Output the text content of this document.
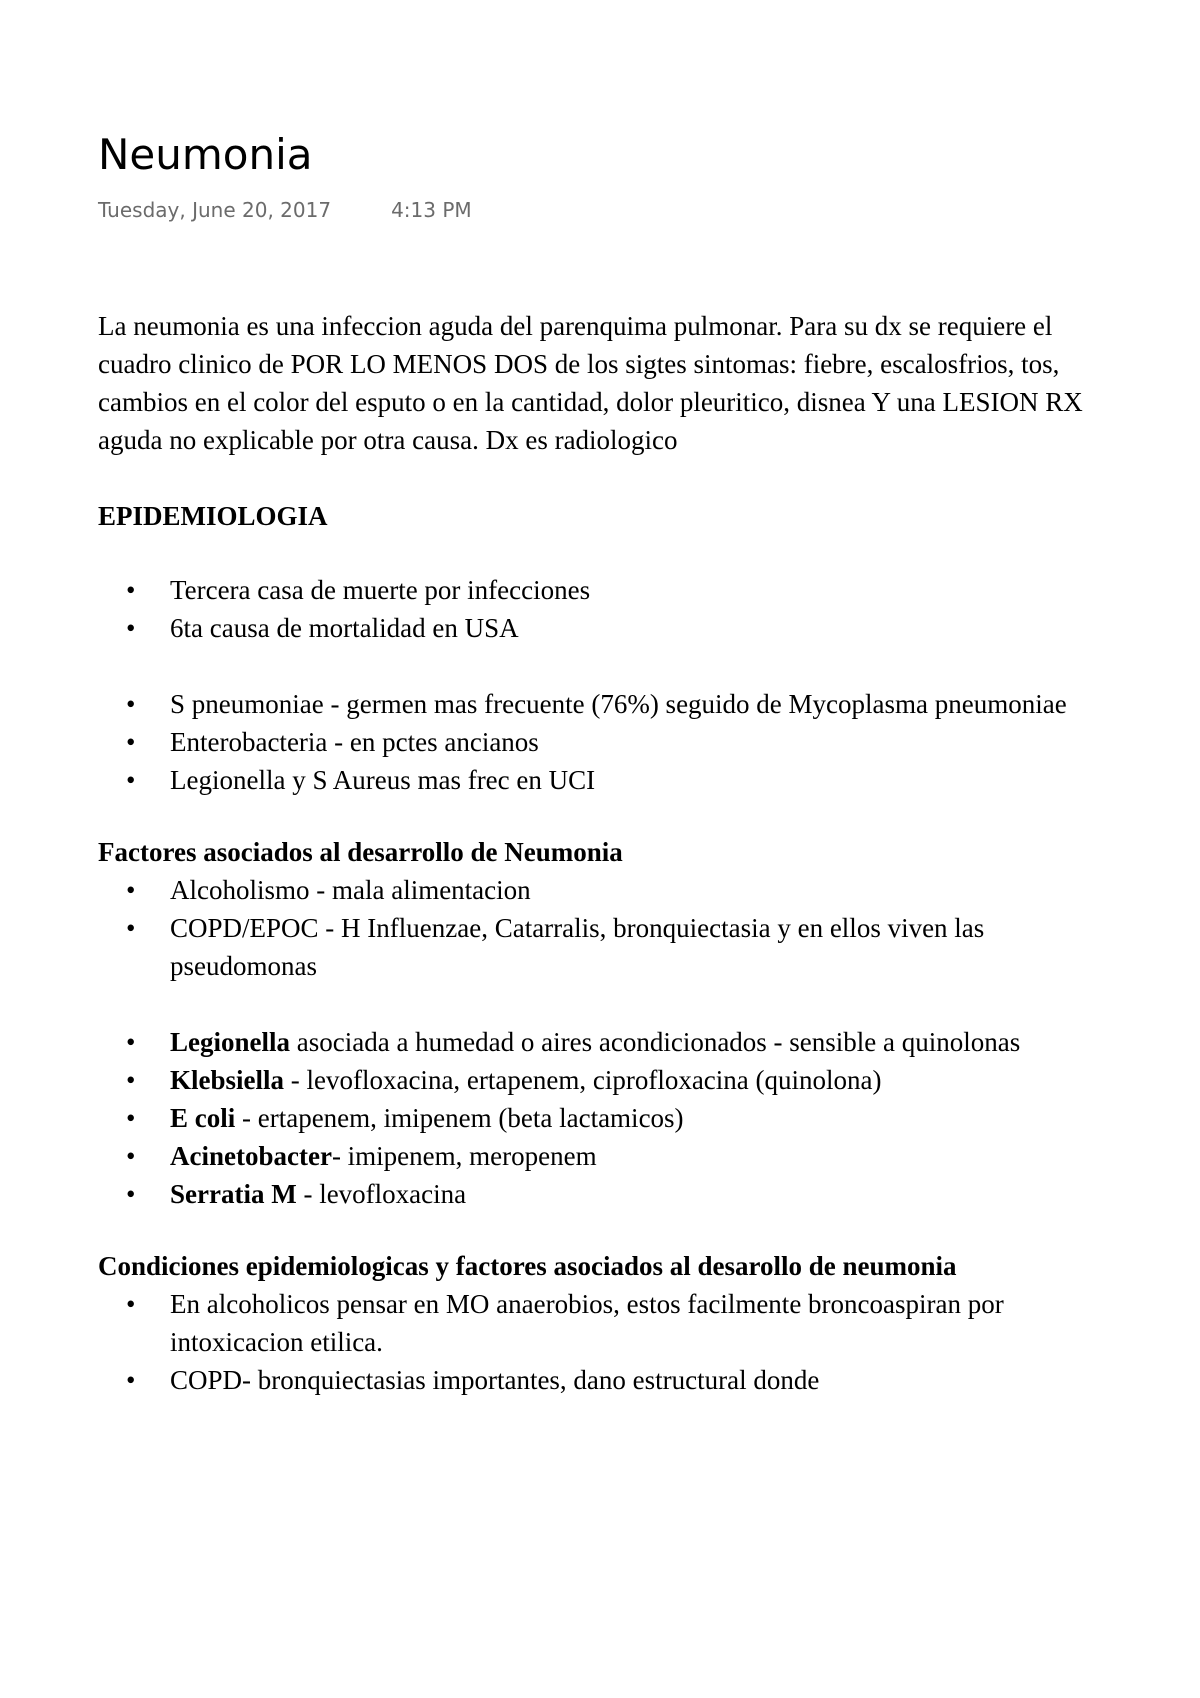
Neumonia
Tuesday, June 20, 2017	4:13 PM

La neumonia es una infeccion aguda del parenquima pulmonar. Para su dx se requiere el cuadro clinico de POR LO MENOS DOS de los sigtes sintomas: fiebre, escalosfrios, tos, cambios en el color del esputo o en la cantidad, dolor pleuritico, disnea Y una LESION RX aguda no explicable por otra causa. Dx es radiologico

EPIDEMIOLOGIA

• Tercera casa de muerte por infecciones
• 6ta causa de mortalidad en USA
• S pneumoniae - germen mas frecuente (76%) seguido de Mycoplasma pneumoniae
• Enterobacteria - en pctes ancianos
• Legionella y S Aureus mas frec en UCI

Factores asociados al desarrollo de Neumonia

• Alcoholismo - mala alimentacion
• COPD/EPOC - H Influenzae, Catarralis, bronquiectasia y en ellos viven las pseudomonas
• Legionella asociada a humedad o aires acondicionados - sensible a quinolonas
• Klebsiella - levofloxacina, ertapenem, ciprofloxacina (quinolona)
• E coli - ertapenem, imipenem (beta lactamicos)
• Acinetobacter- imipenem, meropenem
• Serratia M - levofloxacina

Condiciones epidemiologicas y factores asociados al desarollo de neumonia

• En alcoholicos pensar en MO anaerobios, estos facilmente broncoaspiran por intoxicacion etilica.
• COPD- bronquiectasias importantes, dano estructural donde
